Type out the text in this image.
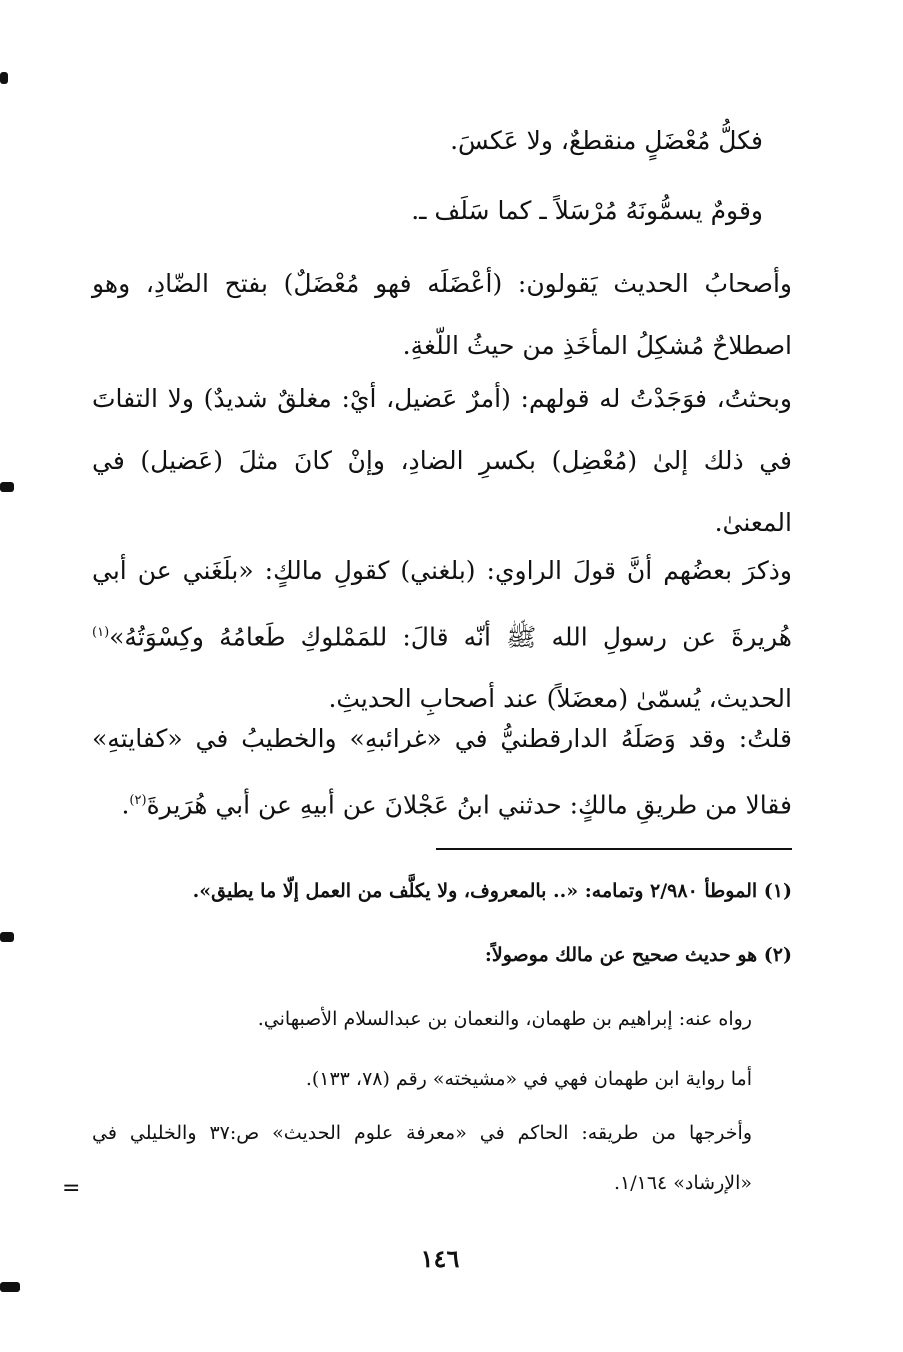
=

فكلُّ مُعْضَلٍ منقطعٌ، ولا عَكسَ.

وقومٌ يسمُّونَهُ مُرْسَلاً ـ كما سَلَف ـ.

وأصحابُ الحديث يَقولون: (أعْضَلَه فهو مُعْضَلٌ) بفتح الضّادِ، وهو اصطلاحٌ مُشكِلُ المأخَذِ من حيثُ اللّغةِ.

وبحثتُ، فوَجَدْتُ له قولهم: (أمرٌ عَضيل، أيْ: مغلقٌ شديدٌ) ولا التفاتَ في ذلك إلىٰ (مُعْضِل) بكسرِ الضادِ، وإنْ كانَ مثلَ (عَضيل) في المعنىٰ.

وذكرَ بعضُهم أنَّ قولَ الراوي: (بلغني) كقولِ مالكٍ: «بلَغَني عن أبي هُريرةَ عن رسولِ الله ﷺ أنّه قالَ: للمَمْلوكِ طَعامُهُ وكِسْوَتُهُ»$^{(١)}$ الحديث، يُسمّىٰ (معضَلاً) عند أصحابِ الحديثِ.

قلتُ: وقد وَصَلَهُ الدارقطنيُّ في «غرائبهِ» والخطيبُ في «كفايتهِ» فقالا من طريقِ مالكٍ: حدثني ابنُ عَجْلانَ عن أبيهِ عن أبي هُرَيرةَ$^{(٢)}$.

(١) الموطأ ٢/٩٨٠ وتمامه: «.. بالمعروف، ولا يكلَّف من العمل إلّا ما يطيق».

(٢) هو حديث صحيح عن مالك موصولاً:

رواه عنه: إبراهيم بن طهمان، والنعمان بن عبدالسلام الأصبهاني.

أما رواية ابن طهمان فهي في «مشيخته» رقم (٧٨، ١٣٣).

وأخرجها من طريقه: الحاكم في «معرفة علوم الحديث» ص:٣٧ والخليلي في «الإرشاد» ١/١٦٤.

١٤٦
